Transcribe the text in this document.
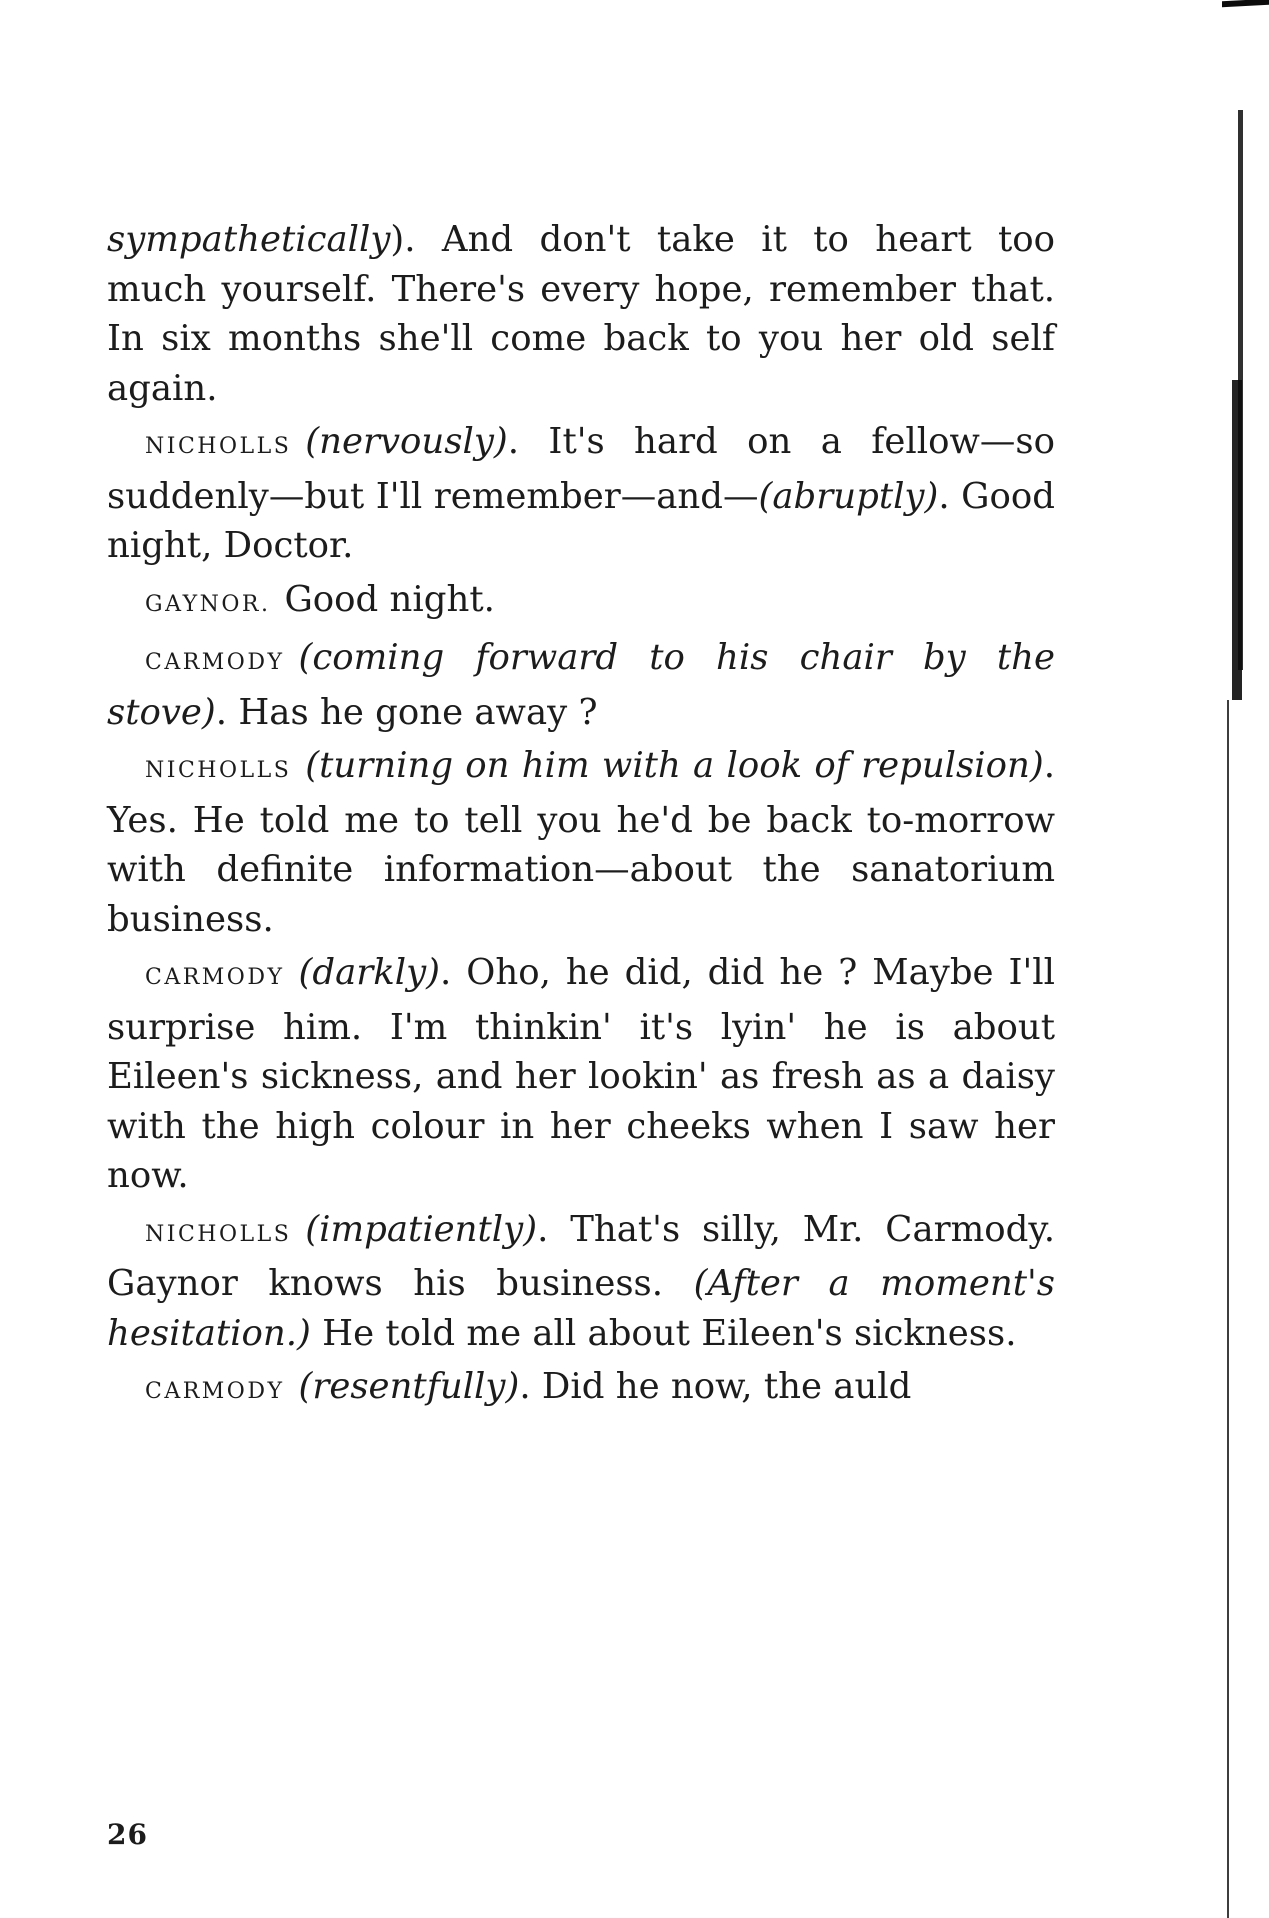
sympathetically). And don't take it to heart too much yourself. There's every hope, remember that. In six months she'll come back to you her old self again.

NICHOLLS (nervously). It's hard on a fellow—so suddenly—but I'll remember—and—(abruptly). Good night, Doctor.

GAYNOR. Good night.

CARMODY (coming forward to his chair by the stove). Has he gone away ?

NICHOLLS (turning on him with a look of repulsion). Yes. He told me to tell you he'd be back to-morrow with definite information—about the sanatorium business.

CARMODY (darkly). Oho, he did, did he ? Maybe I'll surprise him. I'm thinkin' it's lyin' he is about Eileen's sickness, and her lookin' as fresh as a daisy with the high colour in her cheeks when I saw her now.

NICHOLLS (impatiently). That's silly, Mr. Carmody. Gaynor knows his business. (After a moment's hesitation.) He told me all about Eileen's sickness.

CARMODY (resentfully). Did he now, the auld

26
